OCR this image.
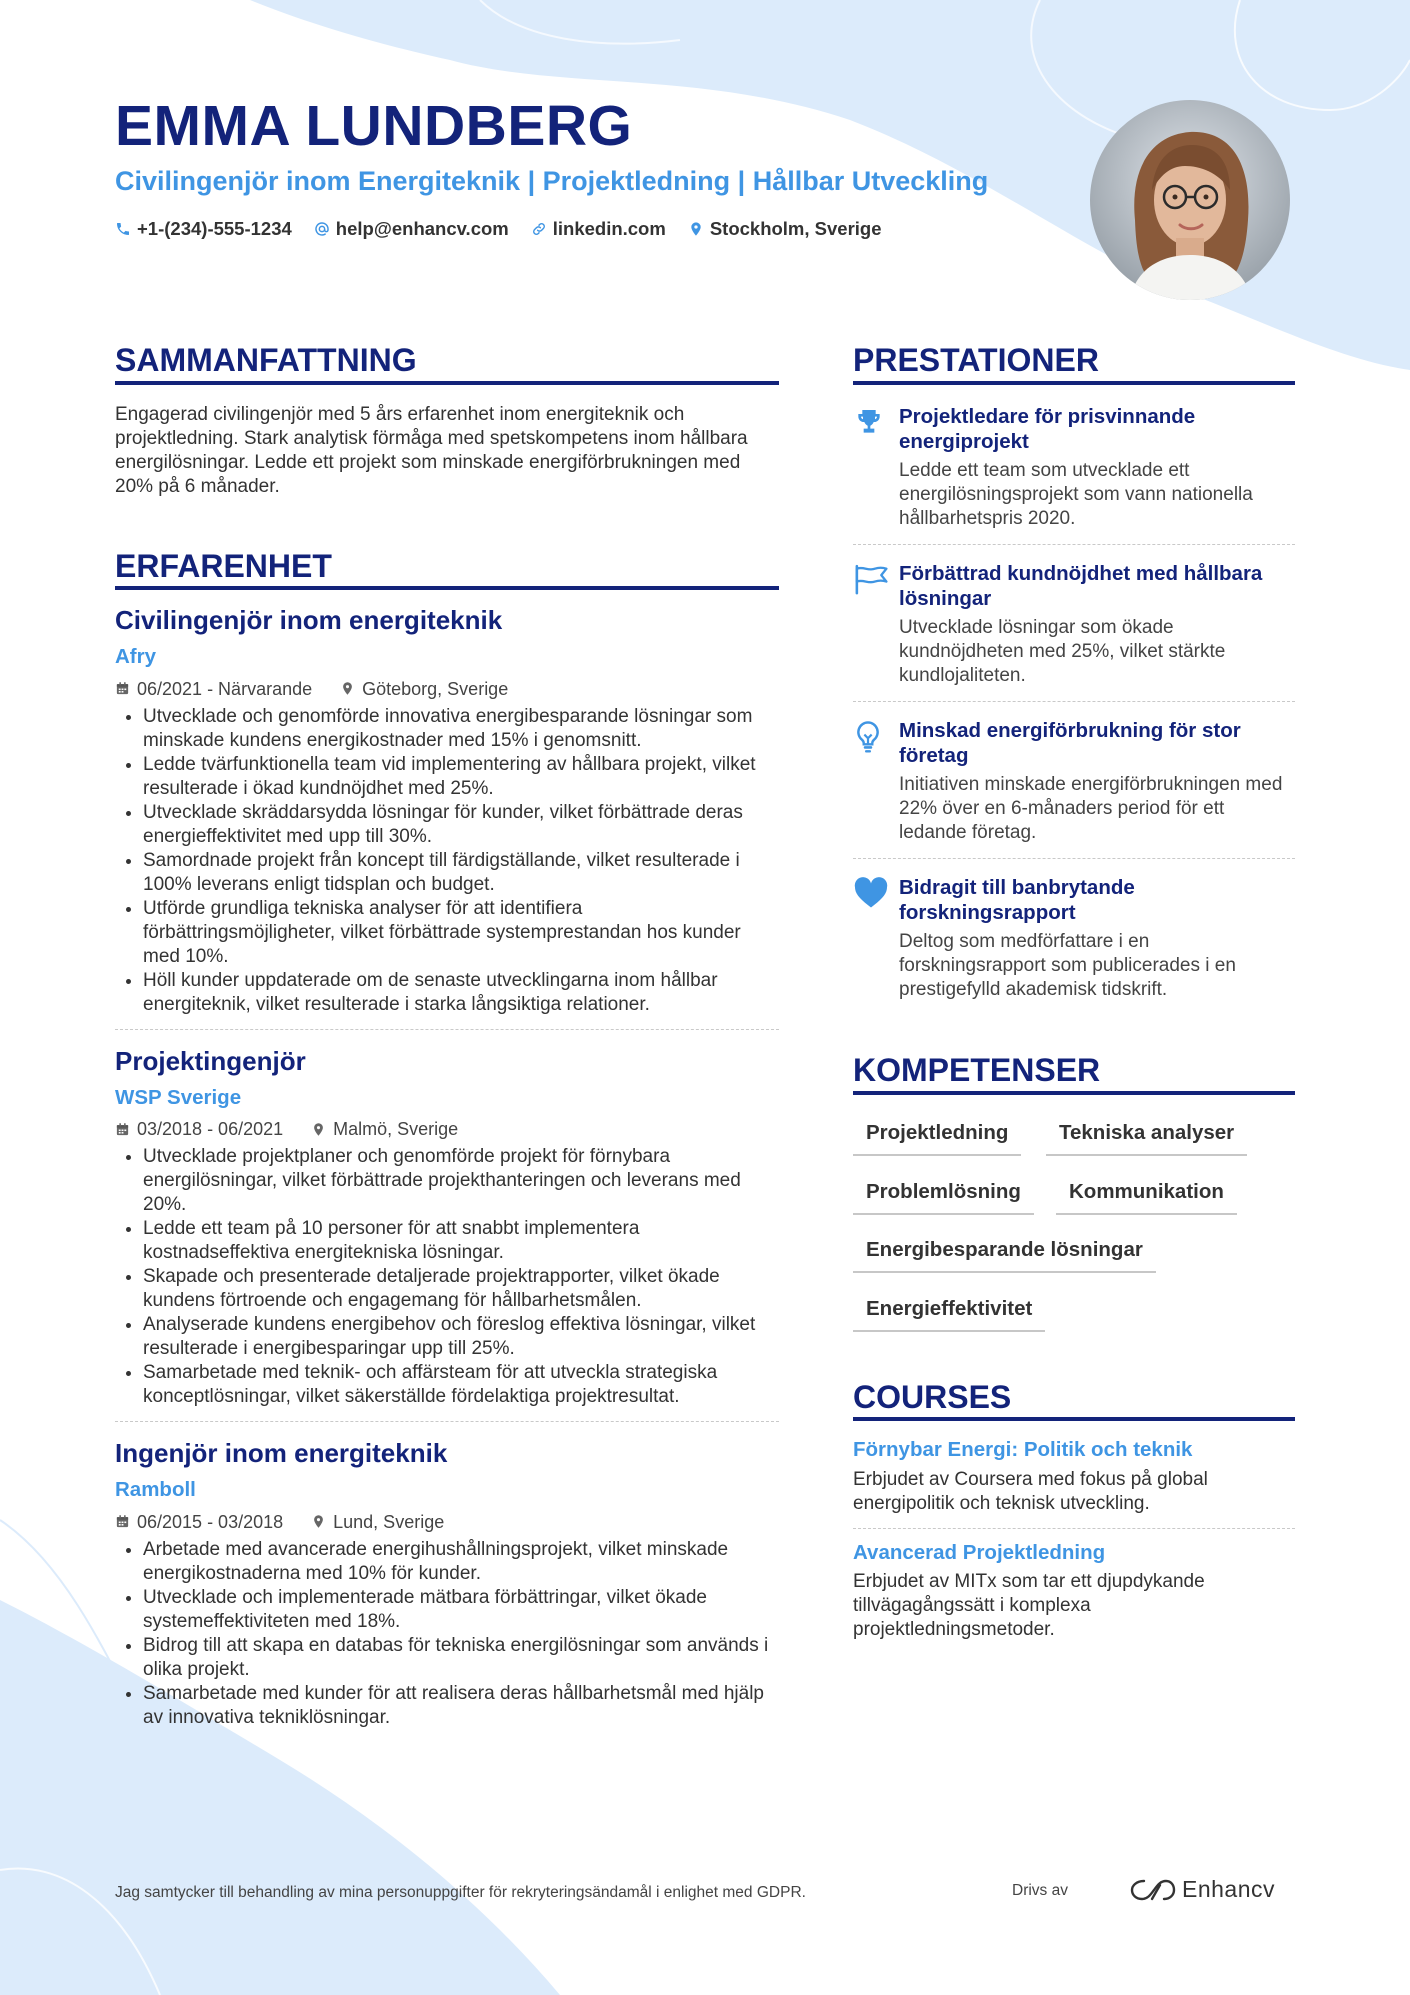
EMMA LUNDBERG
Civilingenjör inom Energiteknik | Projektledning | Hållbar Utveckling
+1-(234)-555-1234 help@enhancv.com linkedin.com Stockholm, Sverige
SAMMANFATTNING

Engagerad civilingenjör med 5 års erfarenhet inom energiteknik och projektledning. Stark analytisk förmåga med spetskompetens inom hållbara energilösningar. Ledde ett projekt som minskade energiförbrukningen med 20% på 6 månader.

ERFARENHET
Civilingenjör inom energiteknik
Afry
06/2021 - Närvarande	Göteborg, Sverige
• Utvecklade och genomförde innovativa energibesparande lösningar som minskade kundens energikostnader med 15% i genomsnitt.
• Ledde tvärfunktionella team vid implementering av hållbara projekt, vilket resulterade i ökad kundnöjdhet med 25%.
• Utvecklade skräddarsydda lösningar för kunder, vilket förbättrade deras energieffektivitet med upp till 30%.
• Samordnade projekt från koncept till färdigställande, vilket resulterade i 100% leverans enligt tidsplan och budget.
• Utförde grundliga tekniska analyser för att identifiera förbättringsmöjligheter, vilket förbättrade systemprestandan hos kunder med 10%.
• Höll kunder uppdaterade om de senaste utvecklingarna inom hållbar energiteknik, vilket resulterade i starka långsiktiga relationer.
Projektingenjör
WSP Sverige
03/2018 - 06/2021	Malmö, Sverige
• Utvecklade projektplaner och genomförde projekt för förnybara energilösningar, vilket förbättrade projekthanteringen och leverans med 20%.
• Ledde ett team på 10 personer för att snabbt implementera kostnadseffektiva energitekniska lösningar.
• Skapade och presenterade detaljerade projektrapporter, vilket ökade kundens förtroende och engagemang för hållbarhetsmålen.
• Analyserade kundens energibehov och föreslog effektiva lösningar, vilket resulterade i energibesparingar upp till 25%.
• Samarbetade med teknik- och affärsteam för att utveckla strategiska konceptlösningar, vilket säkerställde fördelaktiga projektresultat.
Ingenjör inom energiteknik
Ramboll
06/2015 - 03/2018	Lund, Sverige
• Arbetade med avancerade energihushållningsprojekt, vilket minskade energikostnaderna med 10% för kunder.
• Utvecklade och implementerade mätbara förbättringar, vilket ökade systemeffektiviteten med 18%.
• Bidrog till att skapa en databas för tekniska energilösningar som används i olika projekt.
• Samarbetade med kunder för att realisera deras hållbarhetsmål med hjälp av innovativa tekniklösningar.
PRESTATIONER

Projektledare för prisvinnande energiprojekt

Ledde ett team som utvecklade ett energilösningsprojekt som vann nationella hållbarhetspris 2020.

Förbättrad kundnöjdhet med hållbara lösningar

Utvecklade lösningar som ökade kundnöjdheten med 25%, vilket stärkte kundlojaliteten.

Minskad energiförbrukning för stor företag

Initiativen minskade energiförbrukningen med 22% över en 6-månaders period för ett ledande företag.

Bidragit till banbrytande forskningsrapport

Deltog som medförfattare i en forskningsrapport som publicerades i en prestigefylld akademisk tidskrift.

KOMPETENSER
Projektledning	Tekniska analyser
Problemlösning	Kommunikation
Energibesparande lösningar
Energieffektivitet
COURSES

Förnybar Energi: Politik och teknik

Erbjudet av Coursera med fokus på global energipolitik och teknisk utveckling.

Avancerad Projektledning

Erbjudet av MITx som tar ett djupdykande tillvägagångssätt i komplexa projektledningsmetoder.

Jag samtycker till behandling av mina personuppgifter för rekryteringsändamål i enlighet med GDPR.	Drivs av	Enhancv
